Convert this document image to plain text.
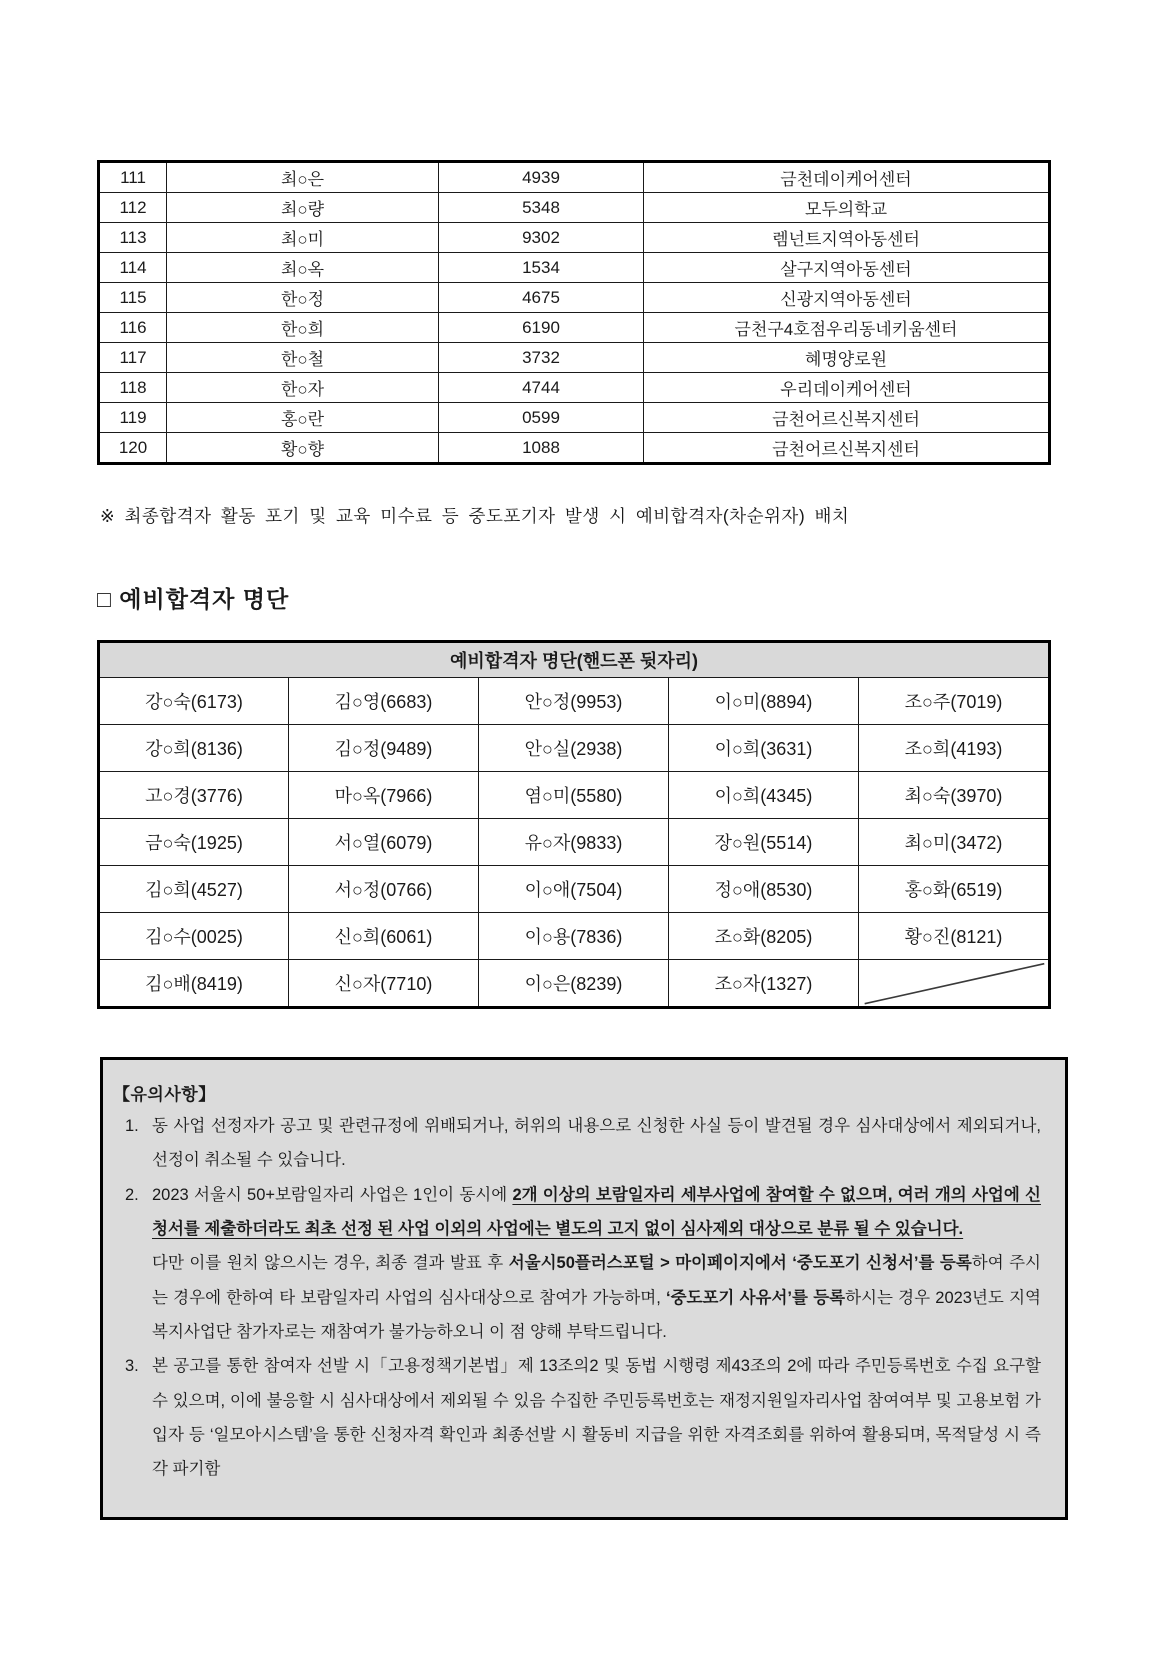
111	최○은	4939	금천데이케어센터
112	최○량	5348	모두의학교
113	최○미	9302	렘넌트지역아동센터
114	최○옥	1534	살구지역아동센터
115	한○정	4675	신광지역아동센터
116	한○희	6190	금천구4호점우리동네키움센터
117	한○철	3732	혜명양로원
118	한○자	4744	우리데이케어센터
119	홍○란	0599	금천어르신복지센터
120	황○향	1088	금천어르신복지센터
※ 최종합격자 활동 포기 및 교육 미수료 등 중도포기자 발생 시 예비합격자(차순위자) 배치
□ 예비합격자 명단
예비합격자 명단(핸드폰 뒷자리)				
강○숙(6173)	김○영(6683)	안○정(9953)	이○미(8894)	조○주(7019)
강○희(8136)	김○정(9489)	안○실(2938)	이○희(3631)	조○희(4193)
고○경(3776)	마○옥(7966)	염○미(5580)	이○희(4345)	최○숙(3970)
금○숙(1925)	서○열(6079)	유○자(9833)	장○원(5514)	최○미(3472)
김○희(4527)	서○정(0766)	이○애(7504)	정○애(8530)	홍○화(6519)
김○수(0025)	신○희(6061)	이○용(7836)	조○화(8205)	황○진(8121)
김○배(8419)	신○자(7710)	이○은(8239)	조○자(1327)	

【유의사항】

1. 동 사업 선정자가 공고 및 관련규정에 위배되거나, 허위의 내용으로 신청한 사실 등이 발견될 경우 심사대상에서 제외되거나, 선정이 취소될 수 있습니다.

2. 2023 서울시 50+보람일자리 사업은 1인이 동시에 2개 이상의 보람일자리 세부사업에 참여할 수 없으며, 여러 개의 사업에 신청서를 제출하더라도 최초 선정 된 사업 이외의 사업에는 별도의 고지 없이 심사제외 대상으로 분류 될 수 있습니다.

다만 이를 원치 않으시는 경우, 최종 결과 발표 후 서울시50플러스포털 > 마이페이지에서 ‘중도포기 신청서’를 등록하여 주시는 경우에 한하여 타 보람일자리 사업의 심사대상으로 참여가 가능하며, ‘중도포기 사유서’를 등록하시는 경우 2023년도 지역복지사업단 참가자로는 재참여가 불가능하오니 이 점 양해 부탁드립니다.

3. 본 공고를 통한 참여자 선발 시「고용정책기본법」제 13조의2 및 동법 시행령 제43조의 2에 따라 주민등록번호 수집 요구할 수 있으며, 이에 불응할 시 심사대상에서 제외될 수 있음 수집한 주민등록번호는 재정지원일자리사업 참여여부 및 고용보험 가입자 등 ‘일모아시스템’을 통한 신청자격 확인과 최종선발 시 활동비 지급을 위한 자격조회를 위하여 활용되며, 목적달성 시 즉각 파기함
